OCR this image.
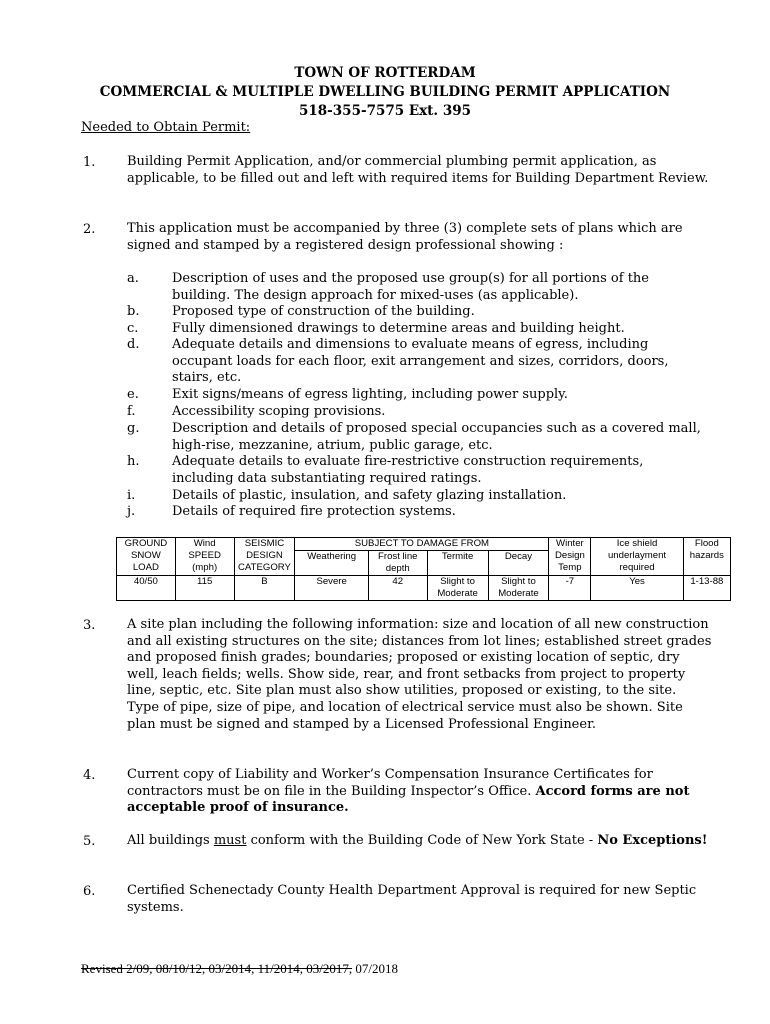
TOWN OF ROTTERDAM
COMMERCIAL & MULTIPLE DWELLING BUILDING PERMIT APPLICATION
518-355-7575 Ext. 395
Needed to Obtain Permit:
1. Building Permit Application, and/or commercial plumbing permit application, as applicable, to be filled out and left with required items for Building Department Review.
2. This application must be accompanied by three (3) complete sets of plans which are signed and stamped by a registered design professional showing :
a.	Description of uses and the proposed use group(s) for all portions of the building. The design approach for mixed-uses (as applicable).
b.	Proposed type of construction of the building.
c.	Fully dimensioned drawings to determine areas and building height.
d.	Adequate details and dimensions to evaluate means of egress, including occupant loads for each floor, exit arrangement and sizes, corridors, doors, stairs, etc.
e.	Exit signs/means of egress lighting, including power supply.
f.	Accessibility scoping provisions.
g.	Description and details of proposed special occupancies such as a covered mall, high-rise, mezzanine, atrium, public garage, etc.
h.	Adequate details to evaluate fire-restrictive construction requirements, including data substantiating required ratings.
i.	Details of plastic, insulation, and safety glazing installation.
j.	Details of required fire protection systems.
GROUND SNOW LOAD	Wind SPEED (mph)	SEISMIC DESIGN CATEGORY	SUBJECT TO DAMAGE FROM				Winter Design Temp	Ice shield underlayment required	Flood hazards
			Weathering	Frost line depth	Termite	Decay			
40/50	115	B	Severe	42	Slight to Moderate	Slight to Moderate	-7	Yes	1-13-88
3. A site plan including the following information: size and location of all new construction and all existing structures on the site; distances from lot lines; established street grades and proposed finish grades; boundaries; proposed or existing location of septic, dry well, leach fields; wells. Show side, rear, and front setbacks from project to property line, septic, etc. Site plan must also show utilities, proposed or existing, to the site. Type of pipe, size of pipe, and location of electrical service must also be shown. Site plan must be signed and stamped by a Licensed Professional Engineer.
4. Current copy of Liability and Worker’s Compensation Insurance Certificates for contractors must be on file in the Building Inspector’s Office. Accord forms are not acceptable proof of insurance.
5. All buildings must conform with the Building Code of New York State - No Exceptions!
6. Certified Schenectady County Health Department Approval is required for new Septic systems.
Revised 2/09, 08/10/12, 03/2014, 11/2014, 03/2017, 07/2018
